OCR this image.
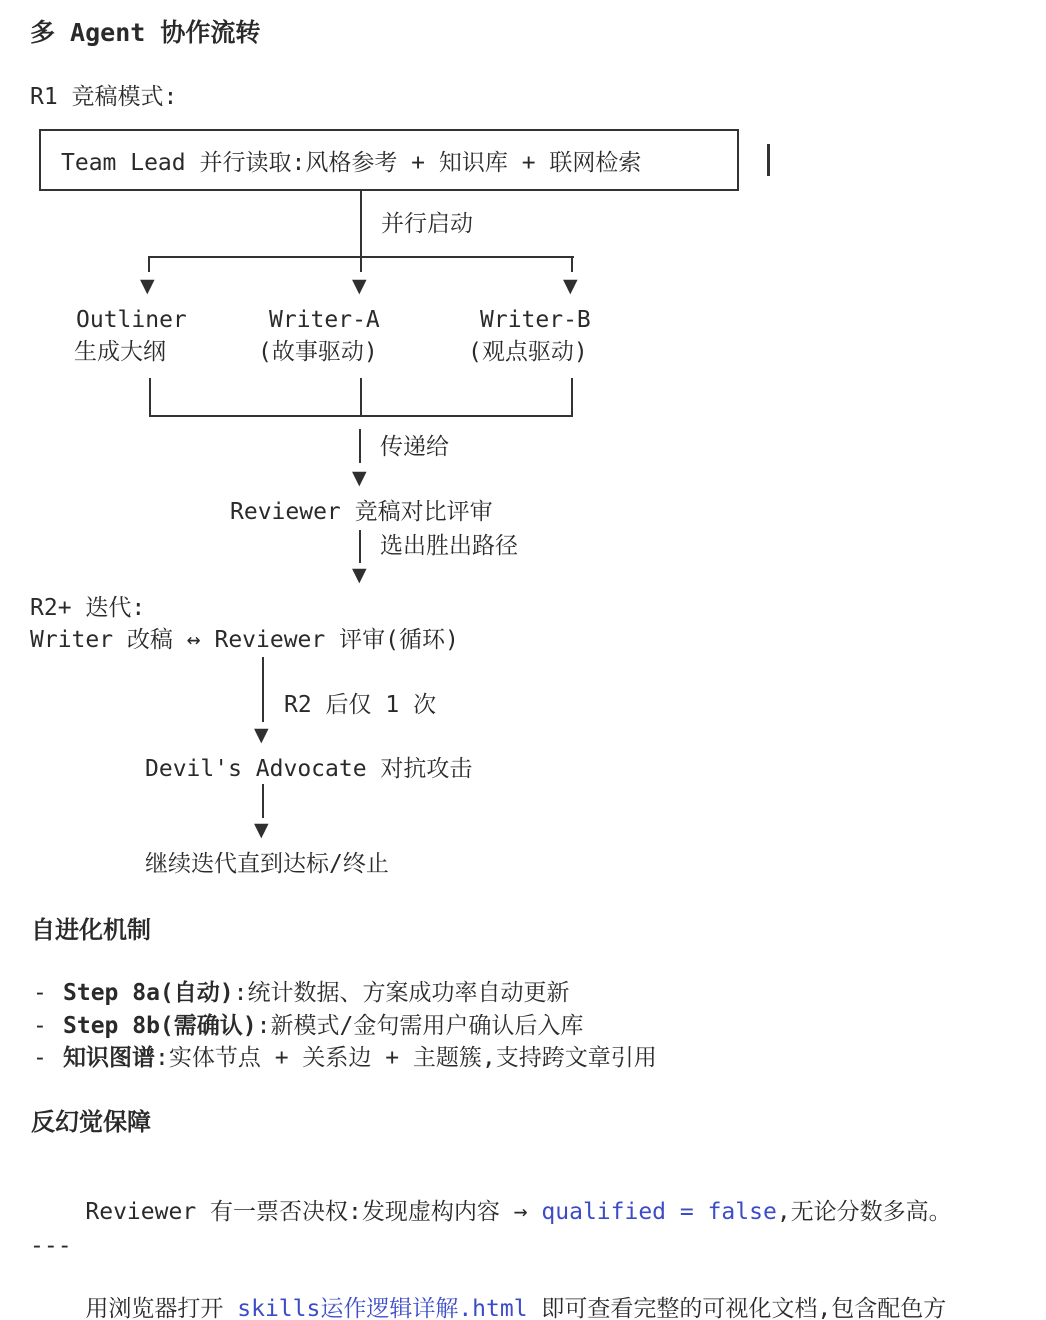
多 Agent 协作流转
R1 竞稿模式:
Team Lead 并行读取:风格参考 + 知识库 + 联网检索
并行启动
▼	▼	▼
Outliner	Writer-A	Writer-B
生成大纲	(故事驱动)	(观点驱动)
传递给
▼
Reviewer 竞稿对比评审
选出胜出路径
▼
R2+ 迭代:
Writer 改稿 ↔ Reviewer 评审(循环)
R2 后仅 1 次
▼
Devil's Advocate 对抗攻击
▼
继续迭代直到达标/终止
自进化机制
- Step 8a(自动) :统计数据、方案成功率自动更新
- Step 8b(需确认) :新模式/金句需用户确认后入库
- 知识图谱 :实体节点 + 关系边 + 主题簇,支持跨文章引用
反幻觉保障

Reviewer 有一票否决权:发现虚构内容 → qualified = false,无论分数多高。

---

用浏览器打开 skills运作逻辑详解.html 即可查看完整的可视化文档,包含配色方
